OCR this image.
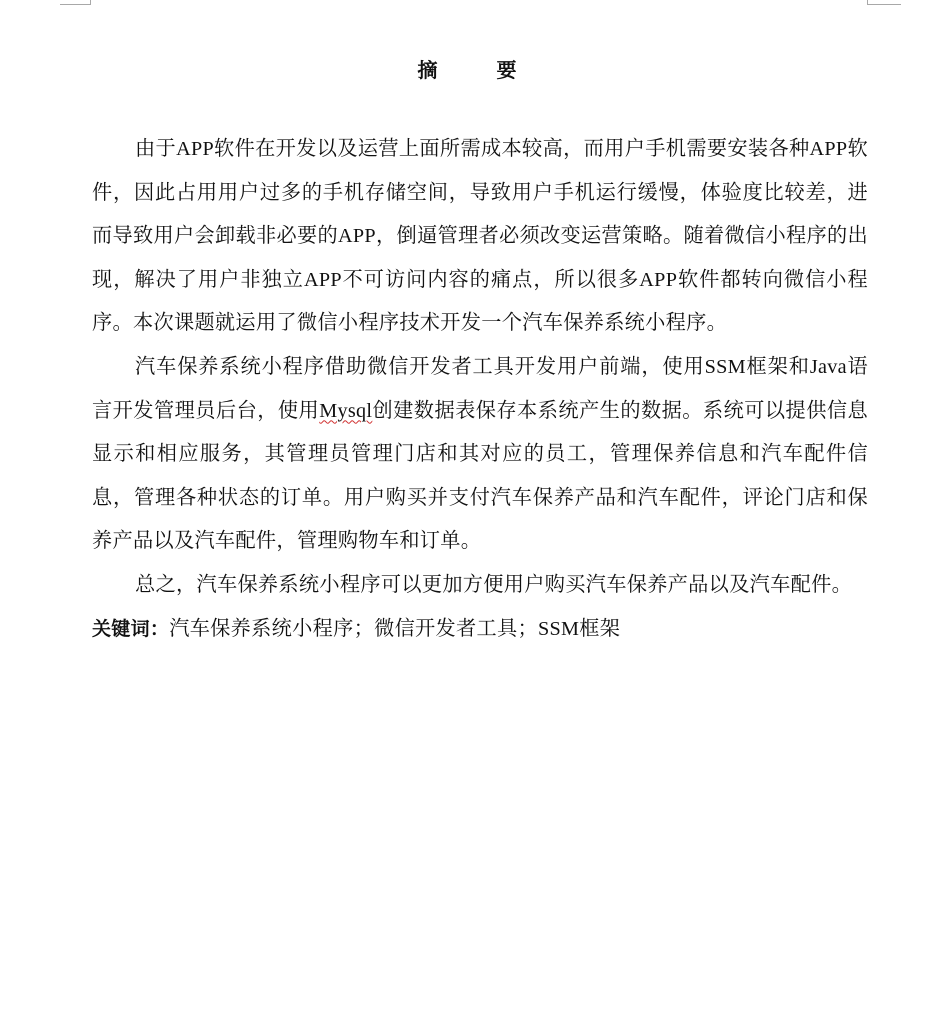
摘 要

由于APP软件在开发以及运营上面所需成本较高，而用户手机需要安装各种APP软件，因此占用用户过多的手机存储空间，导致用户手机运行缓慢，体验度比较差，进而导致用户会卸载非必要的APP，倒逼管理者必须改变运营策略。随着微信小程序的出现，解决了用户非独立APP不可访问内容的痛点，所以很多APP软件都转向微信小程序。本次课题就运用了微信小程序技术开发一个汽车保养系统小程序。

汽车保养系统小程序借助微信开发者工具开发用户前端，使用SSM框架和Java语言开发管理员后台，使用Mysql创建数据表保存本系统产生的数据。系统可以提供信息显示和相应服务，其管理员管理门店和其对应的员工，管理保养信息和汽车配件信息，管理各种状态的订单。用户购买并支付汽车保养产品和汽车配件，评论门店和保养产品以及汽车配件，管理购物车和订单。

总之，汽车保养系统小程序可以更加方便用户购买汽车保养产品以及汽车配件。

关键词：汽车保养系统小程序；微信开发者工具；SSM框架
